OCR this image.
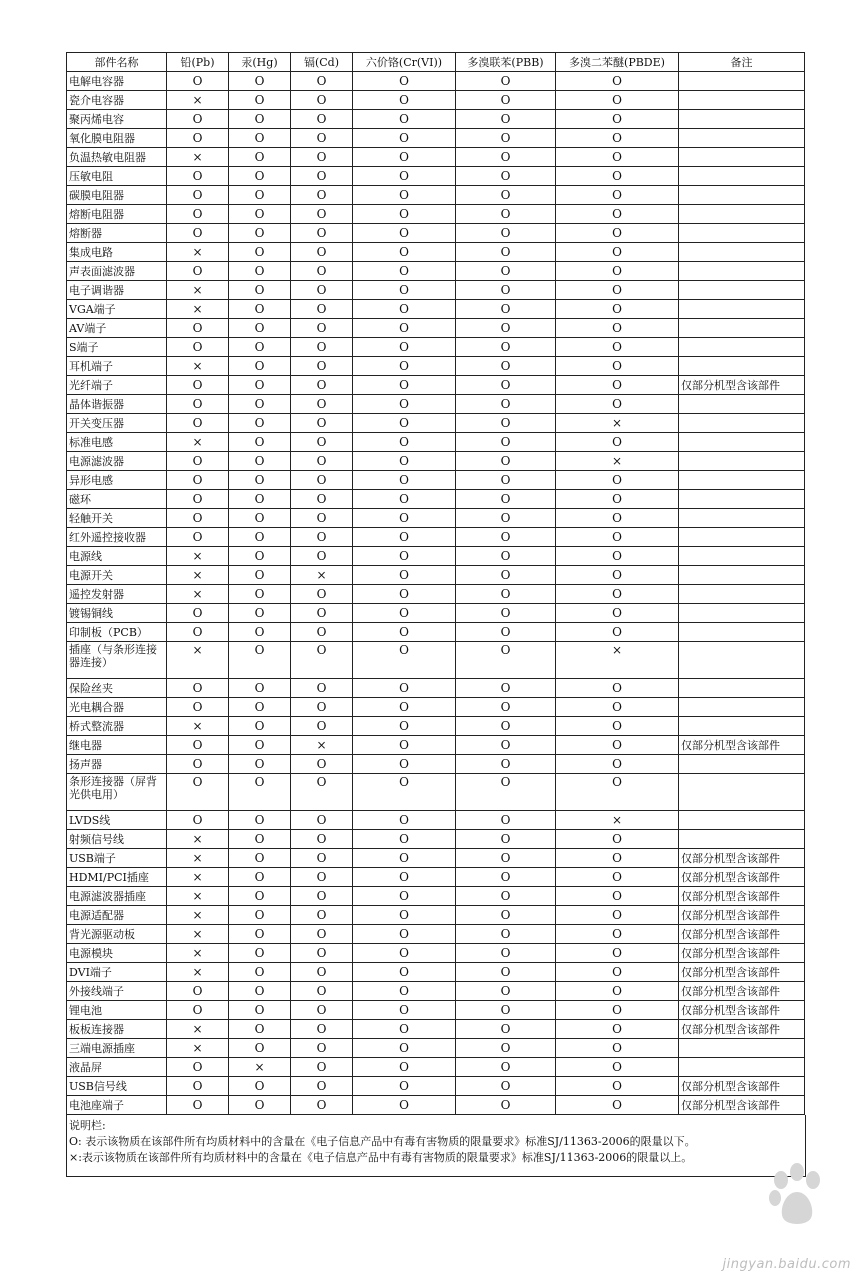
部件名称	铅(Pb)	汞(Hg)	镉(Cd)	六价铬(Cr(VI))	多溴联苯(PBB)	多溴二苯醚(PBDE)	备注
电解电容器	O	O	O	O	O	O	
瓷介电容器	×	O	O	O	O	O	
聚丙烯电容	O	O	O	O	O	O	
氧化膜电阻器	O	O	O	O	O	O	
负温热敏电阻器	×	O	O	O	O	O	
压敏电阻	O	O	O	O	O	O	
碳膜电阻器	O	O	O	O	O	O	
熔断电阻器	O	O	O	O	O	O	
熔断器	O	O	O	O	O	O	
集成电路	×	O	O	O	O	O	
声表面滤波器	O	O	O	O	O	O	
电子调谐器	×	O	O	O	O	O	
VGA端子	×	O	O	O	O	O	
AV端子	O	O	O	O	O	O	
S端子	O	O	O	O	O	O	
耳机端子	×	O	O	O	O	O	
光纤端子	O	O	O	O	O	O	仅部分机型含该部件
晶体谐振器	O	O	O	O	O	O	
开关变压器	O	O	O	O	O	×	
标准电感	×	O	O	O	O	O	
电源滤波器	O	O	O	O	O	×	
异形电感	O	O	O	O	O	O	
磁环	O	O	O	O	O	O	
轻触开关	O	O	O	O	O	O	
红外遥控接收器	O	O	O	O	O	O	
电源线	×	O	O	O	O	O	
电源开关	×	O	×	O	O	O	
遥控发射器	×	O	O	O	O	O	
镀锡铜线	O	O	O	O	O	O	
印制板（PCB）	O	O	O	O	O	O	
插座（与条形连接器连接）	×	O	O	O	O	×	
保险丝夹	O	O	O	O	O	O	
光电耦合器	O	O	O	O	O	O	
桥式整流器	×	O	O	O	O	O	
继电器	O	O	×	O	O	O	仅部分机型含该部件
扬声器	O	O	O	O	O	O	
条形连接器（屏背光供电用）	O	O	O	O	O	O	
LVDS线	O	O	O	O	O	×	
射频信号线	×	O	O	O	O	O	
USB端子	×	O	O	O	O	O	仅部分机型含该部件
HDMI/PCI插座	×	O	O	O	O	O	仅部分机型含该部件
电源滤波器插座	×	O	O	O	O	O	仅部分机型含该部件
电源适配器	×	O	O	O	O	O	仅部分机型含该部件
背光源驱动板	×	O	O	O	O	O	仅部分机型含该部件
电源模块	×	O	O	O	O	O	仅部分机型含该部件
DVI端子	×	O	O	O	O	O	仅部分机型含该部件
外接线端子	O	O	O	O	O	O	仅部分机型含该部件
锂电池	O	O	O	O	O	O	仅部分机型含该部件
板板连接器	×	O	O	O	O	O	仅部分机型含该部件
三端电源插座	×	O	O	O	O	O	
液晶屏	O	×	O	O	O	O	
USB信号线	O	O	O	O	O	O	仅部分机型含该部件
电池座端子	O	O	O	O	O	O	仅部分机型含该部件
说明栏:
O: 表示该物质在该部件所有均质材料中的含量在《电子信息产品中有毒有害物质的限量要求》标准SJ/11363-2006的限量以下。
×:表示该物质在该部件所有均质材料中的含量在《电子信息产品中有毒有害物质的限量要求》标准SJ/11363-2006的限量以上。
jingyan.baidu.com
